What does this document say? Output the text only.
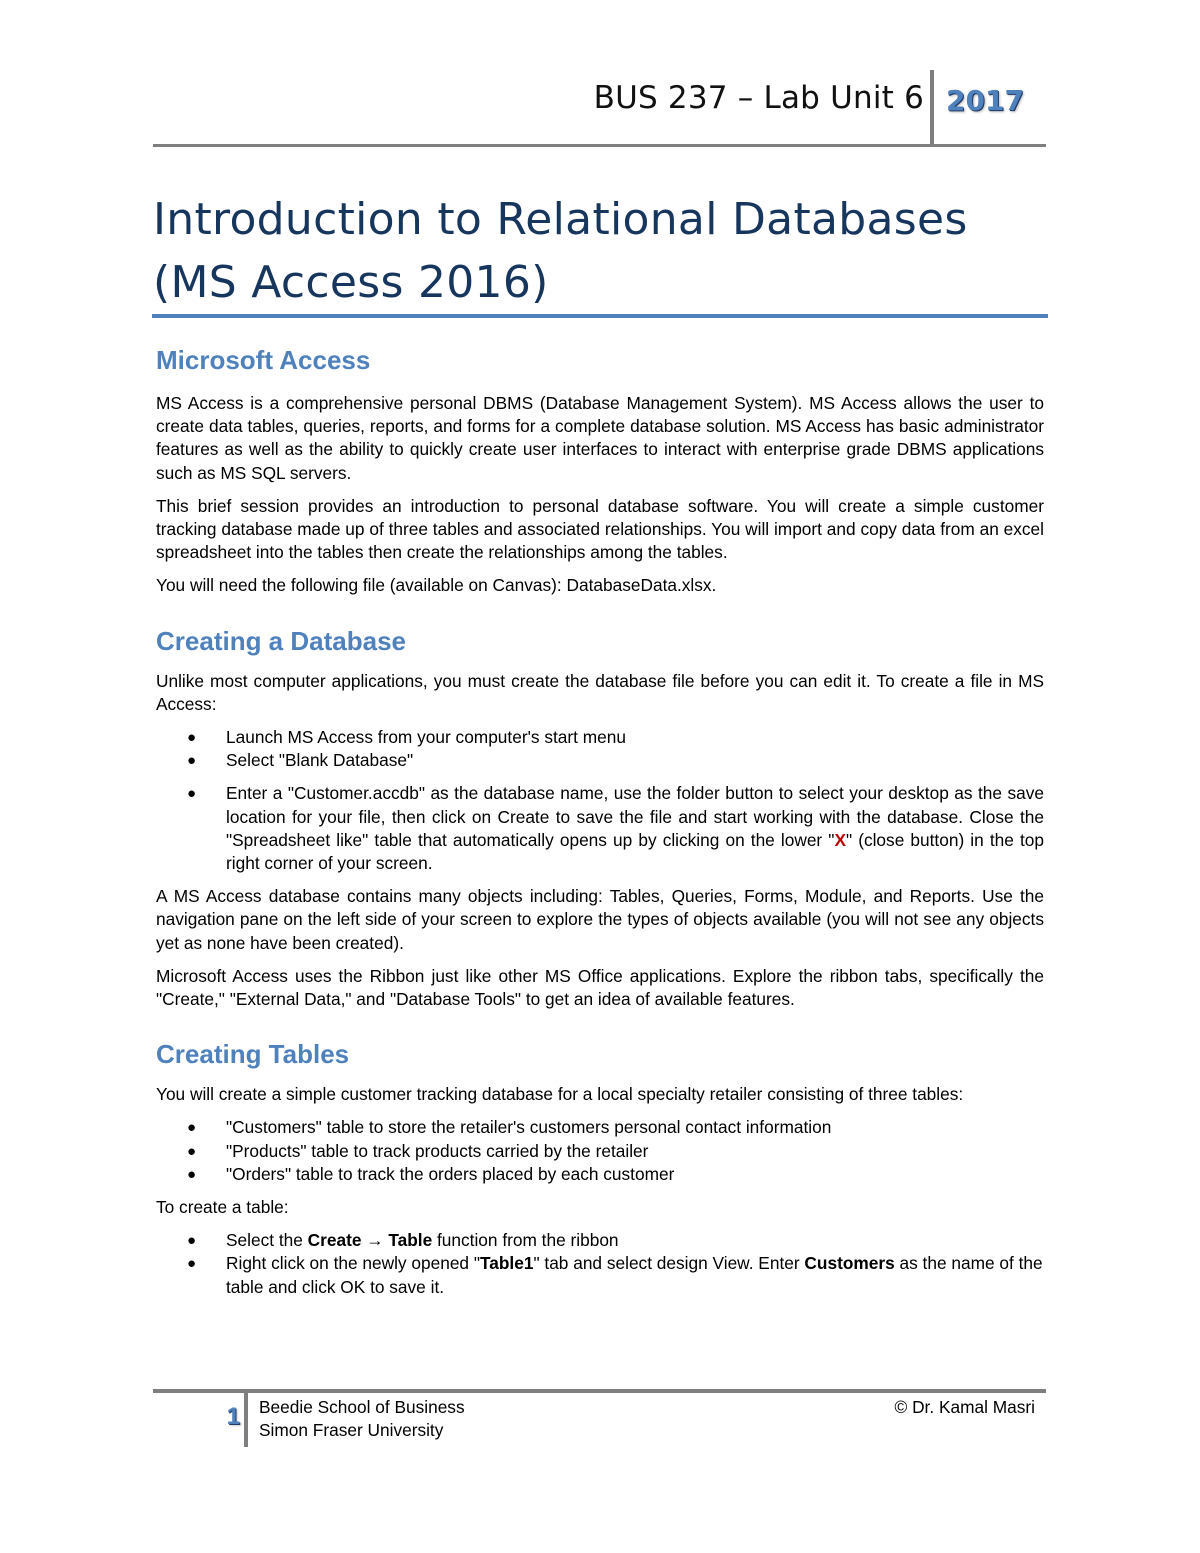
BUS 237 – Lab Unit 6 2017
Introduction to Relational Databases
(MS Access 2016)
Microsoft Access

MS Access is a comprehensive personal DBMS (Database Management System). MS Access allows the user to create data tables, queries, reports, and forms for a complete database solution. MS Access has basic administrator features as well as the ability to quickly create user interfaces to interact with enterprise grade DBMS applications such as MS SQL servers.

This brief session provides an introduction to personal database software. You will create a simple customer tracking database made up of three tables and associated relationships. You will import and copy data from an excel spreadsheet into the tables then create the relationships among the tables.

You will need the following file (available on Canvas): DatabaseData.xlsx.

Creating a Database

Unlike most computer applications, you must create the database file before you can edit it. To create a file in MS Access:

● Launch MS Access from your computer's start menu
● Select "Blank Database"
● Enter a "Customer.accdb" as the database name, use the folder button to select your desktop as the save location for your file, then click on Create to save the file and start working with the database. Close the "Spreadsheet like" table that automatically opens up by clicking on the lower "X" (close button) in the top right corner of your screen.

A MS Access database contains many objects including: Tables, Queries, Forms, Module, and Reports. Use the navigation pane on the left side of your screen to explore the types of objects available (you will not see any objects yet as none have been created).

Microsoft Access uses the Ribbon just like other MS Office applications. Explore the ribbon tabs, specifically the "Create," "External Data," and "Database Tools" to get an idea of available features.

Creating Tables

You will create a simple customer tracking database for a local specialty retailer consisting of three tables:

● "Customers" table to store the retailer's customers personal contact information
● "Products" table to track products carried by the retailer
● "Orders" table to track the orders placed by each customer

To create a table:

● Select the Create → Table function from the ribbon
● Right click on the newly opened "Table1" tab and select design View. Enter Customers as the name of the table and click OK to save it.
1 Beedie School of Business
Simon Fraser University
© Dr. Kamal Masri
